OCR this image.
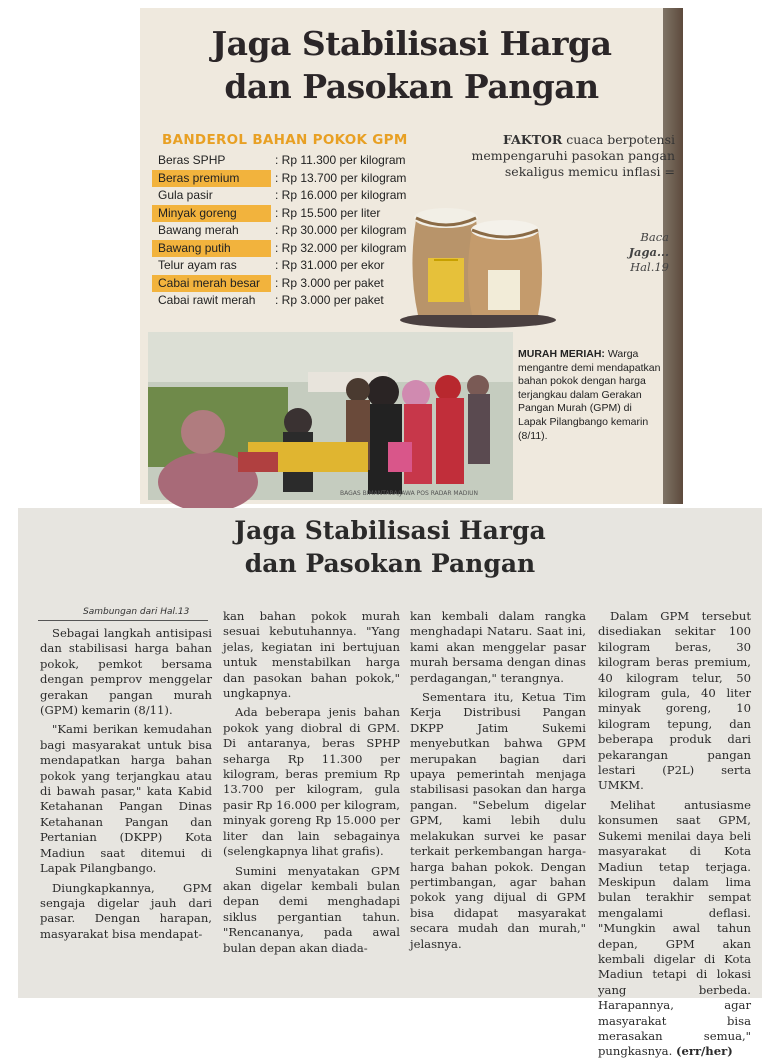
Jaga Stabilisasi Harga
dan Pasokan Pangan
BANDEROL BAHAN POKOK GPM
Beras SPHP	: Rp 11.300 per kilogram
Beras premium	: Rp 13.700 per kilogram
Gula pasir	: Rp 16.000 per kilogram
Minyak goreng	: Rp 15.500 per liter
Bawang merah	: Rp 30.000 per kilogram
Bawang putih	: Rp 32.000 per kilogram
Telur ayam ras	: Rp 31.000 per ekor
Cabai merah besar	: Rp 3.000 per paket
Cabai rawit merah	: Rp 3.000 per paket
FAKTOR cuaca berpotensi mempengaruhi pasokan pangan sekaligus memicu inflasi =
Baca
Jaga...
Hal.19
BAGAS BIMANTARA/JAWA POS RADAR MADIUN
MURAH MERIAH: Warga mengantre demi mendapatkan bahan pokok dengan harga terjangkau dalam Gerakan Pangan Murah (GPM) di Lapak Pilangbango kemarin (8/11).
Jaga Stabilisasi Harga
dan Pasokan Pangan
Sambungan dari Hal.13

Sebagai langkah antisipasi dan stabilisasi harga bahan pokok, pemkot bersama dengan pemprov menggelar gerakan pangan murah (GPM) kemarin (8/11).

"Kami berikan kemudahan bagi masyarakat untuk bisa mendapatkan harga bahan pokok yang terjangkau atau di bawah pasar," kata Kabid Ketahanan Pangan Dinas Ketahanan Pangan dan Pertanian (DKPP) Kota Madiun saat ditemui di Lapak Pilangbango.

Diungkapkannya, GPM sengaja digelar jauh dari pasar. Dengan harapan, masyarakat bisa mendapat-

kan bahan pokok murah sesuai kebutuhannya. "Yang jelas, kegiatan ini bertujuan untuk menstabilkan harga dan pasokan bahan pokok," ungkapnya.

Ada beberapa jenis bahan pokok yang diobral di GPM. Di antaranya, beras SPHP seharga Rp 11.300 per kilogram, beras premium Rp 13.700 per kilogram, gula pasir Rp 16.000 per kilogram, minyak goreng Rp 15.000 per liter dan lain sebagainya (selengkapnya lihat grafis).

Sumini menyatakan GPM akan digelar kembali bulan depan demi menghadapi siklus pergantian tahun. "Rencananya, pada awal bulan depan akan diada-

kan kembali dalam rangka menghadapi Nataru. Saat ini, kami akan menggelar pasar murah bersama dengan dinas perdagangan," terangnya.

Sementara itu, Ketua Tim Kerja Distribusi Pangan DKPP Jatim Sukemi menyebutkan bahwa GPM merupakan bagian dari upaya pemerintah menjaga stabilisasi pasokan dan harga pangan. "Sebelum digelar GPM, kami lebih dulu melakukan survei ke pasar terkait perkembangan harga-harga bahan pokok. Dengan pertimbangan, agar bahan pokok yang dijual di GPM bisa didapat masyarakat secara mudah dan murah," jelasnya.

Dalam GPM tersebut disediakan sekitar 100 kilogram beras, 30 kilogram beras premium, 40 kilogram telur, 50 kilogram gula, 40 liter minyak goreng, 10 kilogram tepung, dan beberapa produk dari pekarangan pangan lestari (P2L) serta UMKM.

Melihat antusiasme konsumen saat GPM, Sukemi menilai daya beli masyarakat di Kota Madiun tetap terjaga. Meskipun dalam lima bulan terakhir sempat mengalami deflasi. "Mungkin awal tahun depan, GPM akan kembali digelar di Kota Madiun tetapi di lokasi yang berbeda. Harapannya, agar masyarakat bisa merasakan semua," pungkasnya. (err/her)
